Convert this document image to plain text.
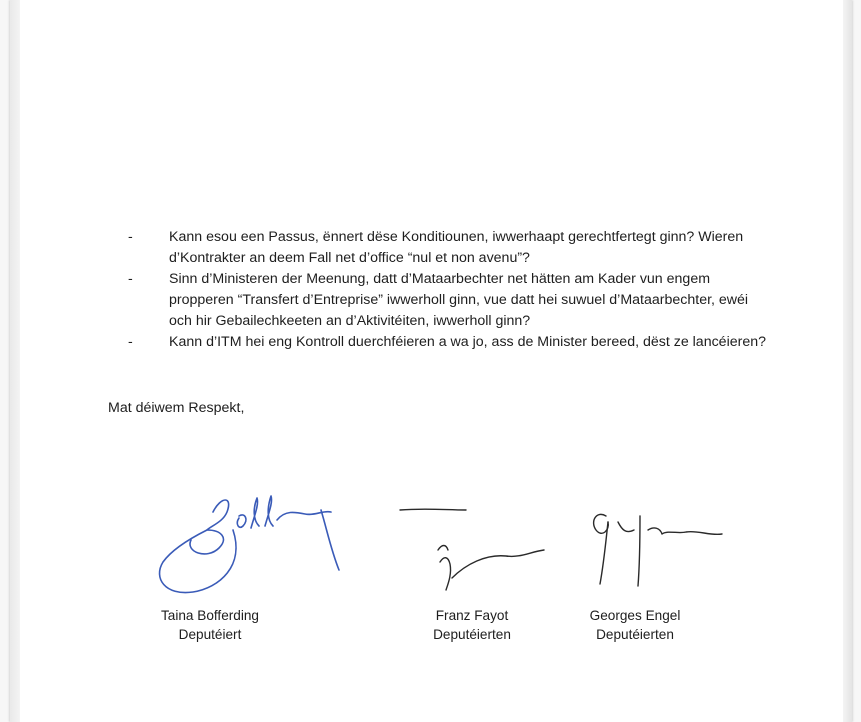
-	Kann esou een Passus, ënnert dëse Konditiounen, iwwerhaapt gerechtfertegt ginn? Wieren d’Kontrakter an deem Fall net d’office “nul et non avenu”?
-	Sinn d’Ministeren der Meenung, datt d’Mataarbechter net hätten am Kader vun engem propperen “Transfert d’Entreprise” iwwerholl ginn, vue datt hei suwuel d’Mataarbechter, ewéi och hir Gebailechkeeten an d’Aktivitéiten, iwwerholl ginn?
-	Kann d’ITM hei eng Kontroll duerchféieren a wa jo, ass de Minister bereed, dëst ze lancéieren?
Mat déiwem Respekt,
Taina Bofferding
Deputéiert
Franz Fayot
Deputéierten
Georges Engel
Deputéierten
